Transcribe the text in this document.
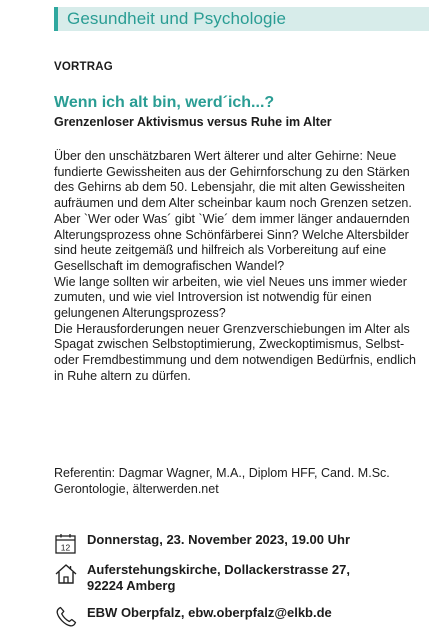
Gesundheit und Psychologie
VORTRAG
Wenn ich alt bin, werd´ich...?
Grenzenloser Aktivismus versus Ruhe im Alter

Über den unschätzbaren Wert älterer und alter Gehirne: Neue fundierte Gewissheiten aus der Gehirnforschung zu den Stärken des Gehirns ab dem 50. Lebensjahr, die mit alten Gewissheiten aufräumen und dem Alter scheinbar kaum noch Grenzen setzen.

Aber `Wer oder Was´ gibt `Wie´ dem immer länger andauernden Alterungsprozess ohne Schönfärberei Sinn? Welche Altersbilder sind heute zeitgemäß und hilfreich als Vorbereitung auf eine Gesellschaft im demografischen Wandel?

Wie lange sollten wir arbeiten, wie viel Neues uns immer wieder zumuten, und wie viel Introversion ist notwendig für einen gelungenen Alterungsprozess?

Die Herausforderungen neuer Grenzverschiebungen im Alter als Spagat zwischen Selbstoptimierung, Zweckoptimismus, Selbst- oder Fremdbestimmung und dem notwendigen Bedürfnis, endlich in Ruhe altern zu dürfen.

Referentin: Dagmar Wagner, M.A., Diplom HFF, Cand. M.Sc. Gerontologie, älterwerden.net
12
Donnerstag, 23. November 2023, 19.00 Uhr
Auferstehungskirche, Dollackerstrasse 27,
92224 Amberg
EBW Oberpfalz, ebw.oberpfalz@elkb.de
